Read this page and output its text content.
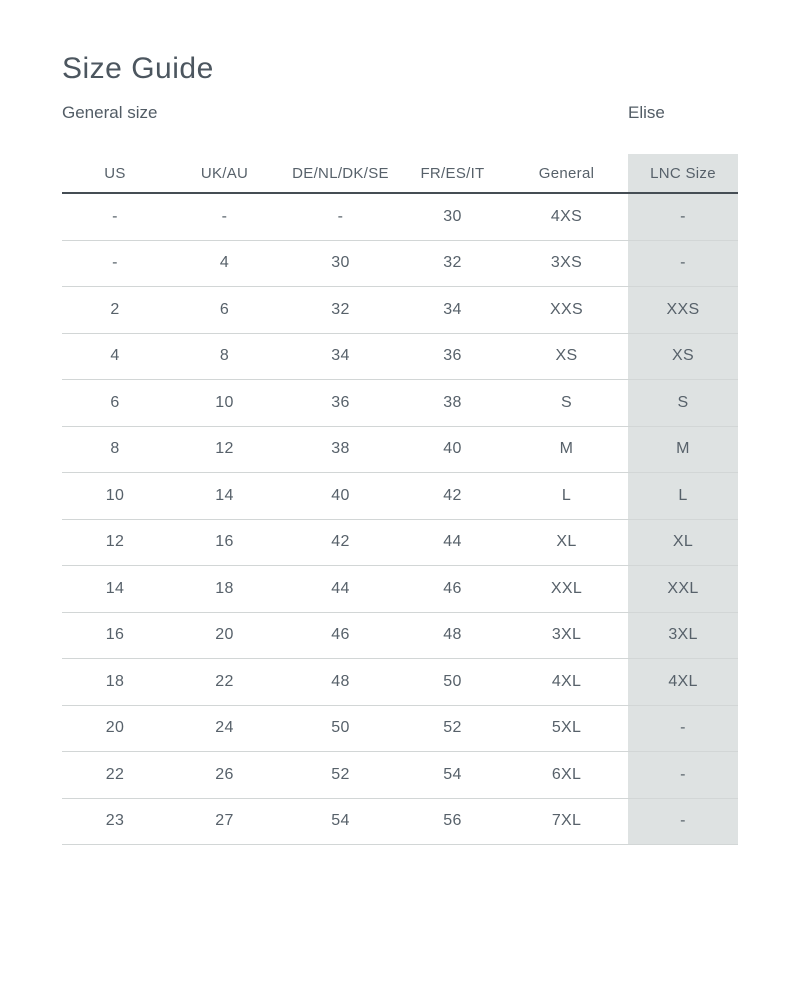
Size Guide
General size	Elise
US	UK/AU	DE/NL/DK/SE	FR/ES/IT	General	LNC Size
-	-	-	30	4XS	-
-	4	30	32	3XS	-
2	6	32	34	XXS	XXS
4	8	34	36	XS	XS
6	10	36	38	S	S
8	12	38	40	M	M
10	14	40	42	L	L
12	16	42	44	XL	XL
14	18	44	46	XXL	XXL
16	20	46	48	3XL	3XL
18	22	48	50	4XL	4XL
20	24	50	52	5XL	-
22	26	52	54	6XL	-
23	27	54	56	7XL	-
